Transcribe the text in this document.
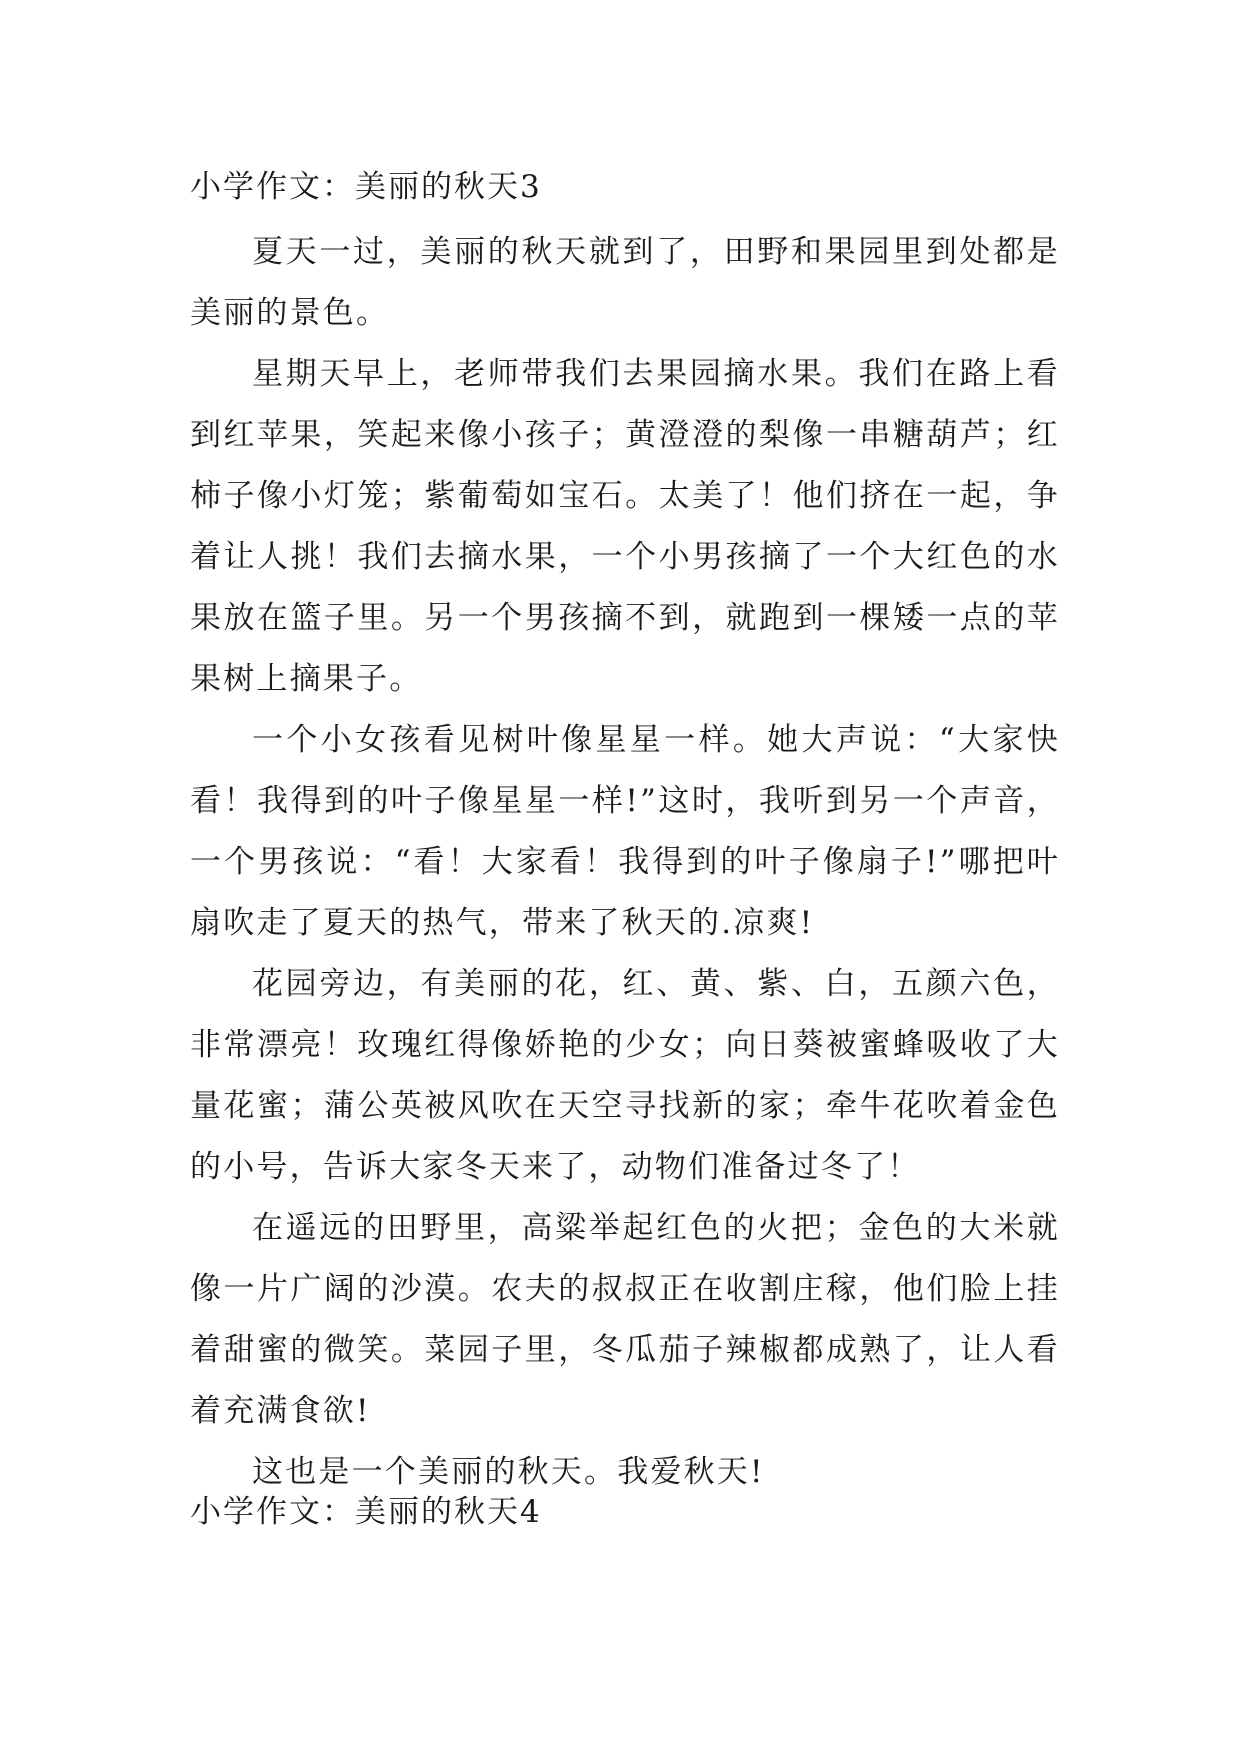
小学作文：美丽的秋天3

夏天一过，美丽的秋天就到了，田野和果园里到处都是美丽的景色。

星期天早上，老师带我们去果园摘水果。我们在路上看到红苹果，笑起来像小孩子；黄澄澄的梨像一串糖葫芦；红柿子像小灯笼；紫葡萄如宝石。太美了！他们挤在一起，争着让人挑！我们去摘水果，一个小男孩摘了一个大红色的水果放在篮子里。另一个男孩摘不到，就跑到一棵矮一点的苹果树上摘果子。

一个小女孩看见树叶像星星一样。她大声说：“大家快看！我得到的叶子像星星一样!”这时，我听到另一个声音，一个男孩说：“看！大家看！我得到的叶子像扇子!”哪把叶扇吹走了夏天的热气，带来了秋天的.凉爽!

花园旁边，有美丽的花，红、黄、紫、白，五颜六色，非常漂亮！玫瑰红得像娇艳的少女；向日葵被蜜蜂吸收了大量花蜜；蒲公英被风吹在天空寻找新的家；牵牛花吹着金色的小号，告诉大家冬天来了，动物们准备过冬了！

在遥远的田野里，高粱举起红色的火把；金色的大米就像一片广阔的沙漠。农夫的叔叔正在收割庄稼，他们脸上挂着甜蜜的微笑。菜园子里，冬瓜茄子辣椒都成熟了，让人看着充满食欲!

这也是一个美丽的秋天。我爱秋天!

小学作文：美丽的秋天4
